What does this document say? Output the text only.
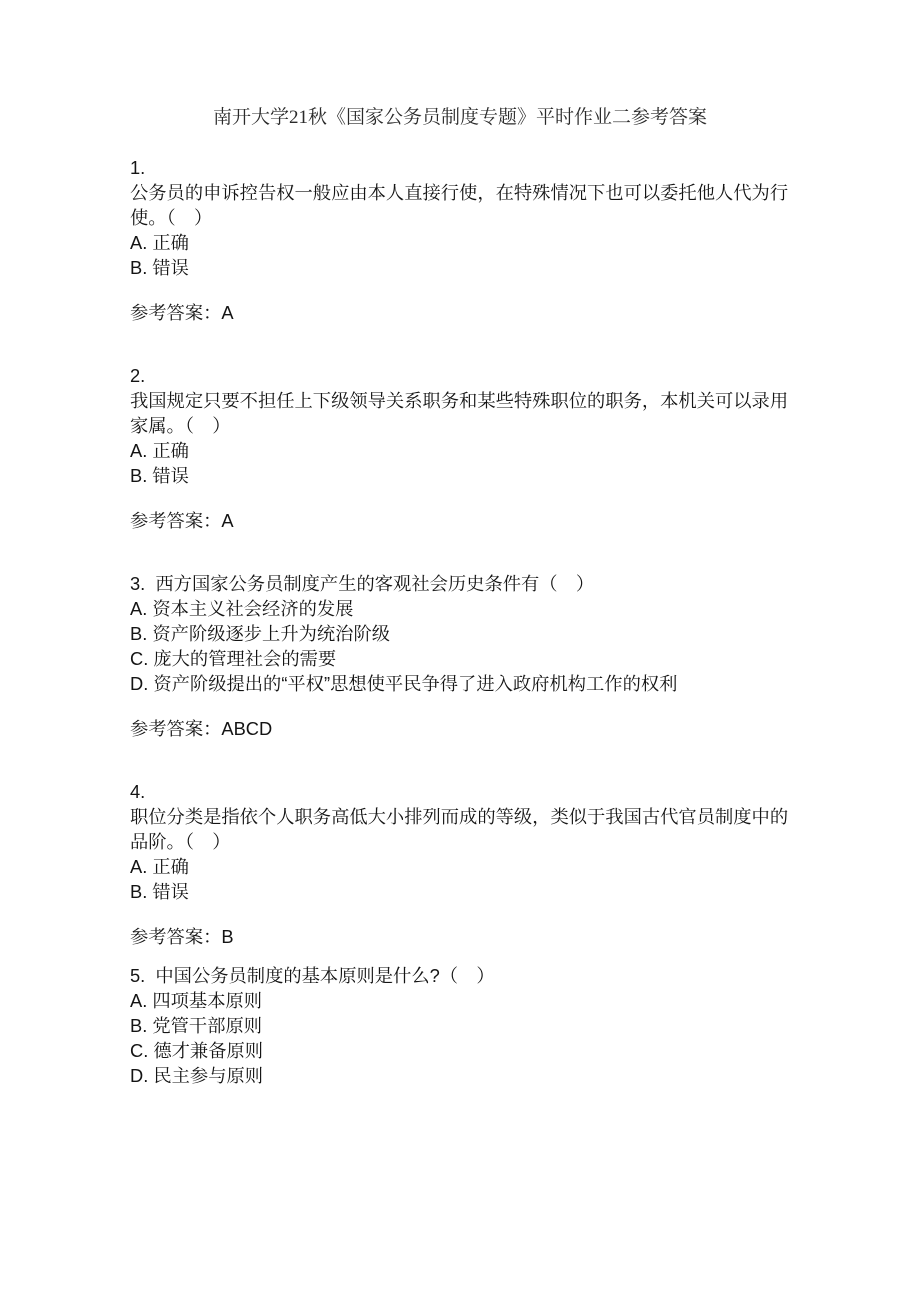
南开大学21秋《国家公务员制度专题》平时作业二参考答案
1.
公务员的申诉控告权一般应由本人直接行使，在特殊情况下也可以委托他人代为行使。（　）
A. 正确
B. 错误
参考答案：A
2.
我国规定只要不担任上下级领导关系职务和某些特殊职位的职务，本机关可以录用家属。（　）
A. 正确
B. 错误
参考答案：A
3.  西方国家公务员制度产生的客观社会历史条件有（　）
A. 资本主义社会经济的发展
B. 资产阶级逐步上升为统治阶级
C. 庞大的管理社会的需要
D. 资产阶级提出的“平权”思想使平民争得了进入政府机构工作的权利
参考答案：ABCD
4.
职位分类是指依个人职务高低大小排列而成的等级，类似于我国古代官员制度中的品阶。（　）
A. 正确
B. 错误
参考答案：B
5.  中国公务员制度的基本原则是什么?（　）
A. 四项基本原则
B. 党管干部原则
C. 德才兼备原则
D. 民主参与原则
